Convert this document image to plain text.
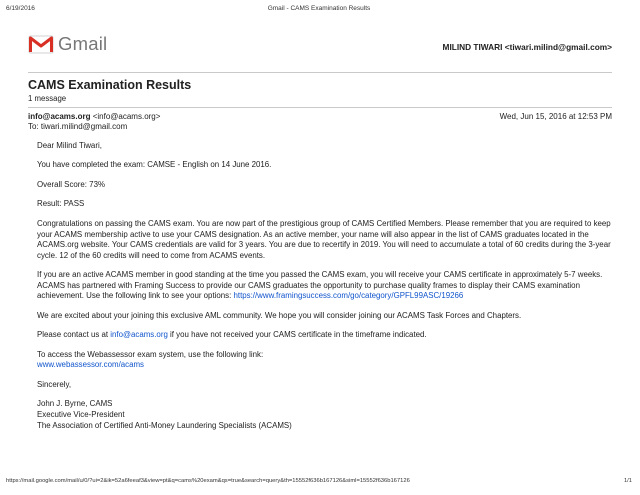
6/19/2016	Gmail - CAMS Examination Results
Gmail	MILIND TIWARI <tiwari.milind@gmail.com>
CAMS Examination Results
1 message
info@acams.org <info@acams.org>	Wed, Jun 15, 2016 at 12:53 PM
To: tiwari.milind@gmail.com

Dear Milind Tiwari,

You have completed the exam: CAMSE - English on 14 June 2016.

Overall Score: 73%

Result: PASS

Congratulations on passing the CAMS exam. You are now part of the prestigious group of CAMS Certified Members. Please remember that you are required to keep your ACAMS membership active to use your CAMS designation. As an active member, your name will also appear in the list of CAMS graduates located in the ACAMS.org website. Your CAMS credentials are valid for 3 years. You are due to recertify in 2019. You will need to accumulate a total of 60 credits during the 3-year cycle. 12 of the 60 credits will need to come from ACAMS events.

If you are an active ACAMS member in good standing at the time you passed the CAMS exam, you will receive your CAMS certificate in approximately 5-7 weeks. ACAMS has partnered with Framing Success to provide our CAMS graduates the opportunity to purchase quality frames to display their CAMS examination achievement. Use the following link to see your options: https://www.framingsuccess.com/go/category/GPFL99ASC/19266

We are excited about your joining this exclusive AML community. We hope you will consider joining our ACAMS Task Forces and Chapters.

Please contact us at info@acams.org if you have not received your CAMS certificate in the timeframe indicated.

To access the Webassessor exam system, use the following link:
www.webassessor.com/acams

Sincerely,

John J. Byrne, CAMS
Executive Vice-President
The Association of Certified Anti-Money Laundering Specialists (ACAMS)

https://mail.google.com/mail/u/0/?ui=2&ik=52a6feeaf3&view=pt&q=cams%20exam&qs=true&search=query&th=15552f636b167126&siml=15552f636b167126	1/1
